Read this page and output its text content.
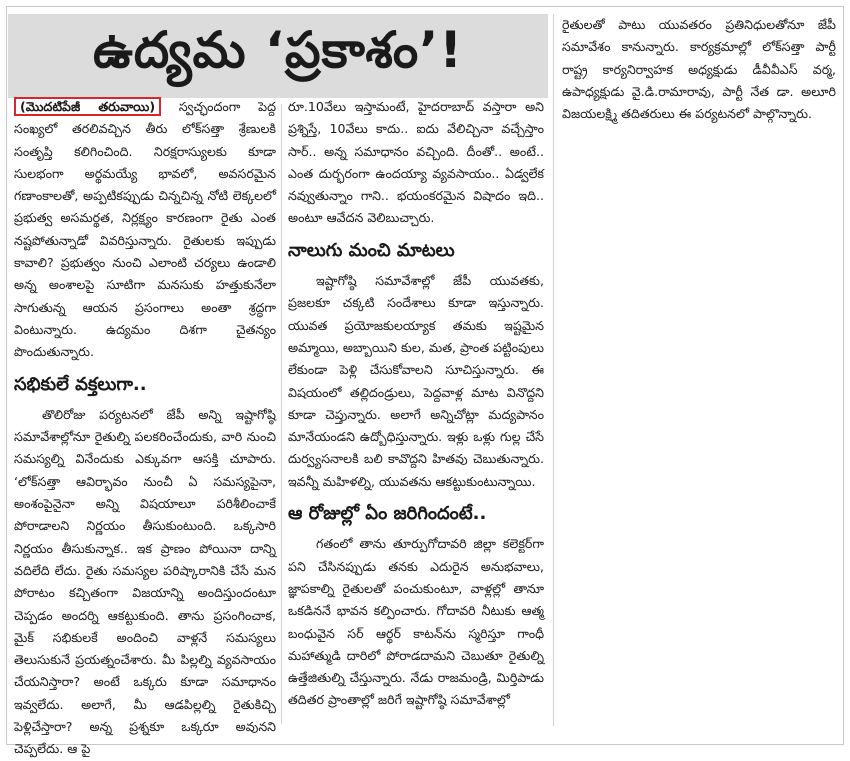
ఉద్యమ ‘ప్రకాశం’!

(మొదటిపేజీ తరువాయి) స్వచ్ఛందంగా పెద్ద సంఖ్యలో తరలివచ్చిన తీరు లోక్‌సత్తా శ్రేణులకి సంతృప్తి కలిగించింది. నిరక్షరాస్యులకు కూడా సులభంగా అర్థమయ్యే భావలో, అవసరమైన గణాంకాలతో, అప్పటికప్పుడు చిన్నచిన్న నోటి లెక్కలలో ప్రభుత్వ అసమర్థత, నిర్లక్ష్యం కారణంగా రైతు ఎంత నష్టపోతున్నాడో వివరిస్తున్నారు. రైతులకు ఇప్పుడు కావాలి? ప్రభుత్వం నుంచి ఎలాంటి చర్యలు ఉండాలి అన్న అంశాలపై సూటిగా మనసుకు హత్తుకునేలా సాగుతున్న ఆయన ప్రసంగాలు అంతా శ్రద్ధగా వింటున్నారు. ఉద్యమం దిశగా చైతన్యం పొందుతున్నారు.

సభికులే వక్తలుగా..

తొలిరోజు పర్యటనలో జేపీ అన్ని ఇష్టాగోష్ఠి సమావేశాల్లోనూ రైతుల్ని పలకరించేందుకు, వారి నుంచి సమస్యల్ని వినేందుకు ఎక్కువగా ఆసక్తి చూపారు. ‘లోక్‌సత్తా ఆవిర్భావం నుంచీ ఏ సమస్యపైనా, అంశంపైనైనా అన్ని విషయాలూ పరిశీలించాకే పోరాడాలని నిర్ణయం తీసుకుంటుంది. ఒక్కసారి నిర్ణయం తీసుకున్నాక.. ఇక ప్రాణం పోయినా దాన్ని వదిలేది లేదు. రైతు సమస్యల పరిష్కారానికి చేసే మన పోరాటం కచ్చితంగా విజయాన్ని అందిస్తుందంటూ చెప్పడం అందర్ని ఆకట్టుకుంది. తాను ప్రసంగించాక, మైక్ సభికులకే అందించి వాళ్లనే సమస్యలు తెలుసుకునే ప్రయత్నంచేశారు. మీ పిల్లల్ని వ్యవసాయం చేయనిస్తారా? అంటే ఒక్కరు కూడా సమాధానం ఇవ్వలేదు. అలాగే, మీ ఆడపిల్లల్ని రైతుకిచ్చి పెళ్లిచేస్తారా? అన్న ప్రశ్నకూ ఒక్కరూ అవునని చెప్పలేదు. ఆ పై

రూ.10వేలు ఇస్తామంటే, హైదరాబాద్ వస్తారా అని ప్రశ్నిస్తే, 10వేలు కాదు.. ఐదు వేలిచ్చినా వచ్చేస్తాం సార్.. అన్న సమాధానం వచ్చింది. దీంతో.. అంటే.. ఎంత దుర్భరంగా ఉందయ్యా వ్యవసాయం.. ఏడ్వలేక నవ్వుతున్నాం గాని.. భయంకరమైన విషాదం ఇది.. అంటూ ఆవేదన వెలిబుచ్చారు.

నాలుగు మంచి మాటలు

ఇష్టాగోష్ఠి సమావేశాల్లో జేపీ యువతకు, ప్రజలకూ చక్కటి సందేశాలు కూడా ఇస్తున్నారు. యువత ప్రయోజకులయ్యాక తమకు ఇష్టమైన అమ్మాయి, అబ్బాయిని కుల, మత, ప్రాంత పట్టింపులు లేకుండా పెళ్లి చేసుకోవాలని సూచిస్తున్నారు. ఈ విషయంలో తల్లిదండ్రులు, పెద్దవాళ్ల మాట వినొద్దని కూడా చెప్తున్నారు. అలాగే అన్నిచోట్లా మద్యపానం మానేయండని ఉద్బోధిస్తున్నారు. ఇళ్లు ఒళ్లు గుల్ల చేసే దుర్వ్యసనాలకి బలి కావొద్దని హితవు చెబుతున్నారు. ఇవన్నీ మహిళల్ని, యువతను ఆకట్టుకుంటున్నాయి.

ఆ రోజుల్లో ఏం జరిగిందంటే..

గతంలో తాను తూర్పుగోదావరి జిల్లా కలెక్టర్‌గా పని చేసినప్పుడు తనకు ఎదురైన అనుభవాలు, జ్ఞాపకాల్ని రైతులతో పంచుకుంటూ, వాళ్లల్లో తానూ ఒకడిననే భావన కల్పించారు. గోదావరి నీటుకు ఆత్మ బంధువైన సర్ ఆర్థర్ కాటన్‌ను స్మరిస్తూ గాంధీ మహాత్ముడి దారిలో పోరాడదామని చెబుతూ రైతుల్ని ఉత్తేజితుల్ని చేస్తున్నారు. నేడు రాజమండ్రి, మిర్తిపాడు తదితర ప్రాంతాల్లో జరిగే ఇష్టాగోష్ఠి సమావేశాల్లో

రైతులతో పాటు యువతరం ప్రతినిధులతోనూ జేపీ సమావేశం కానున్నారు. కార్యక్రమాల్లో లోక్‌సత్తా పార్టీ రాష్ట్ర కార్యనిర్వాహక అధ్యక్షుడు డీవీవీఎస్ వర్మ, ఉపాధ్యక్షుడు వై.డి.రామారావు, పార్టీ నేత డా. అలూరి విజయలక్ష్మి తదితరులు ఈ పర్యటనలో పాల్గొన్నారు.
